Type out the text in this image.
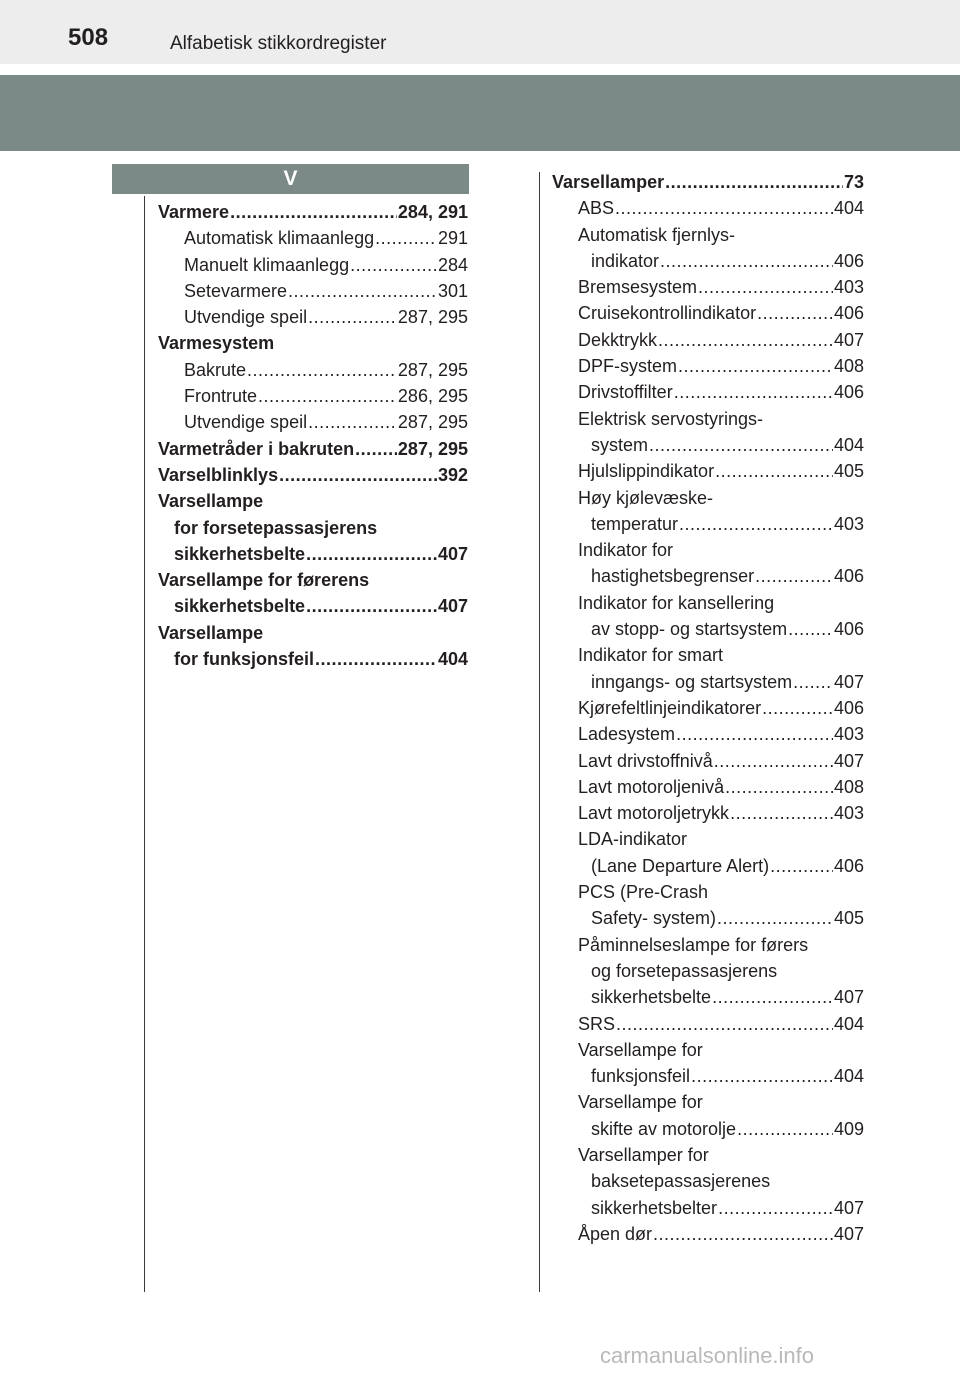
508	Alfabetisk stikkordregister
V
Varmere .....	284, 291
Automatisk klimaanlegg .....	291
Manuelt klimaanlegg .....	284
Setevarmere .....	301
Utvendige speil .....	287, 295
Varmesystem
Bakrute .....	287, 295
Frontrute .....	286, 295
Utvendige speil .....	287, 295
Varmetråder i bakruten ..... 287, 295
Varselblinklys .....	392
Varsellampe
for forsetepassasjerens
sikkerhetsbelte .....	407
Varsellampe for førerens
sikkerhetsbelte .....	407
Varsellampe
for funksjonsfeil .....	404
Varsellamper .....	73
ABS .....	404
Automatisk fjernlys-
indikator .....	406
Bremsesystem .....	403
Cruisekontrollindikator .....	406
Dekktrykk .....	407
DPF-system .....	408
Drivstoffilter .....	406
Elektrisk servostyrings-
system .....	404
Hjulslippindikator .....	405
Høy kjølevæske-
temperatur .....	403
Indikator for
hastighetsbegrenser .....	406
Indikator for kansellering
av stopp- og startsystem .....	406
Indikator for smart
inngangs- og startsystem ..... 407
Kjørefeltlinjeindikatorer .....	406
Ladesystem .....	403
Lavt drivstoffnivå .....	407
Lavt motoroljenivå .....	408
Lavt motoroljetrykk .....	403
LDA-indikator
(Lane Departure Alert) .....	406
PCS (Pre-Crash
Safety- system) .....	405
Påminnelseslampe for førers
og forsetepassasjerens
sikkerhetsbelte .....	407
SRS .....	404
Varsellampe for
funksjonsfeil .....	404
Varsellampe for
skifte av motorolje .....	409
Varsellamper for
baksetepassasjerenes
sikkerhetsbelter .....	407
Åpen dør .....	407
carmanualsonline.info
